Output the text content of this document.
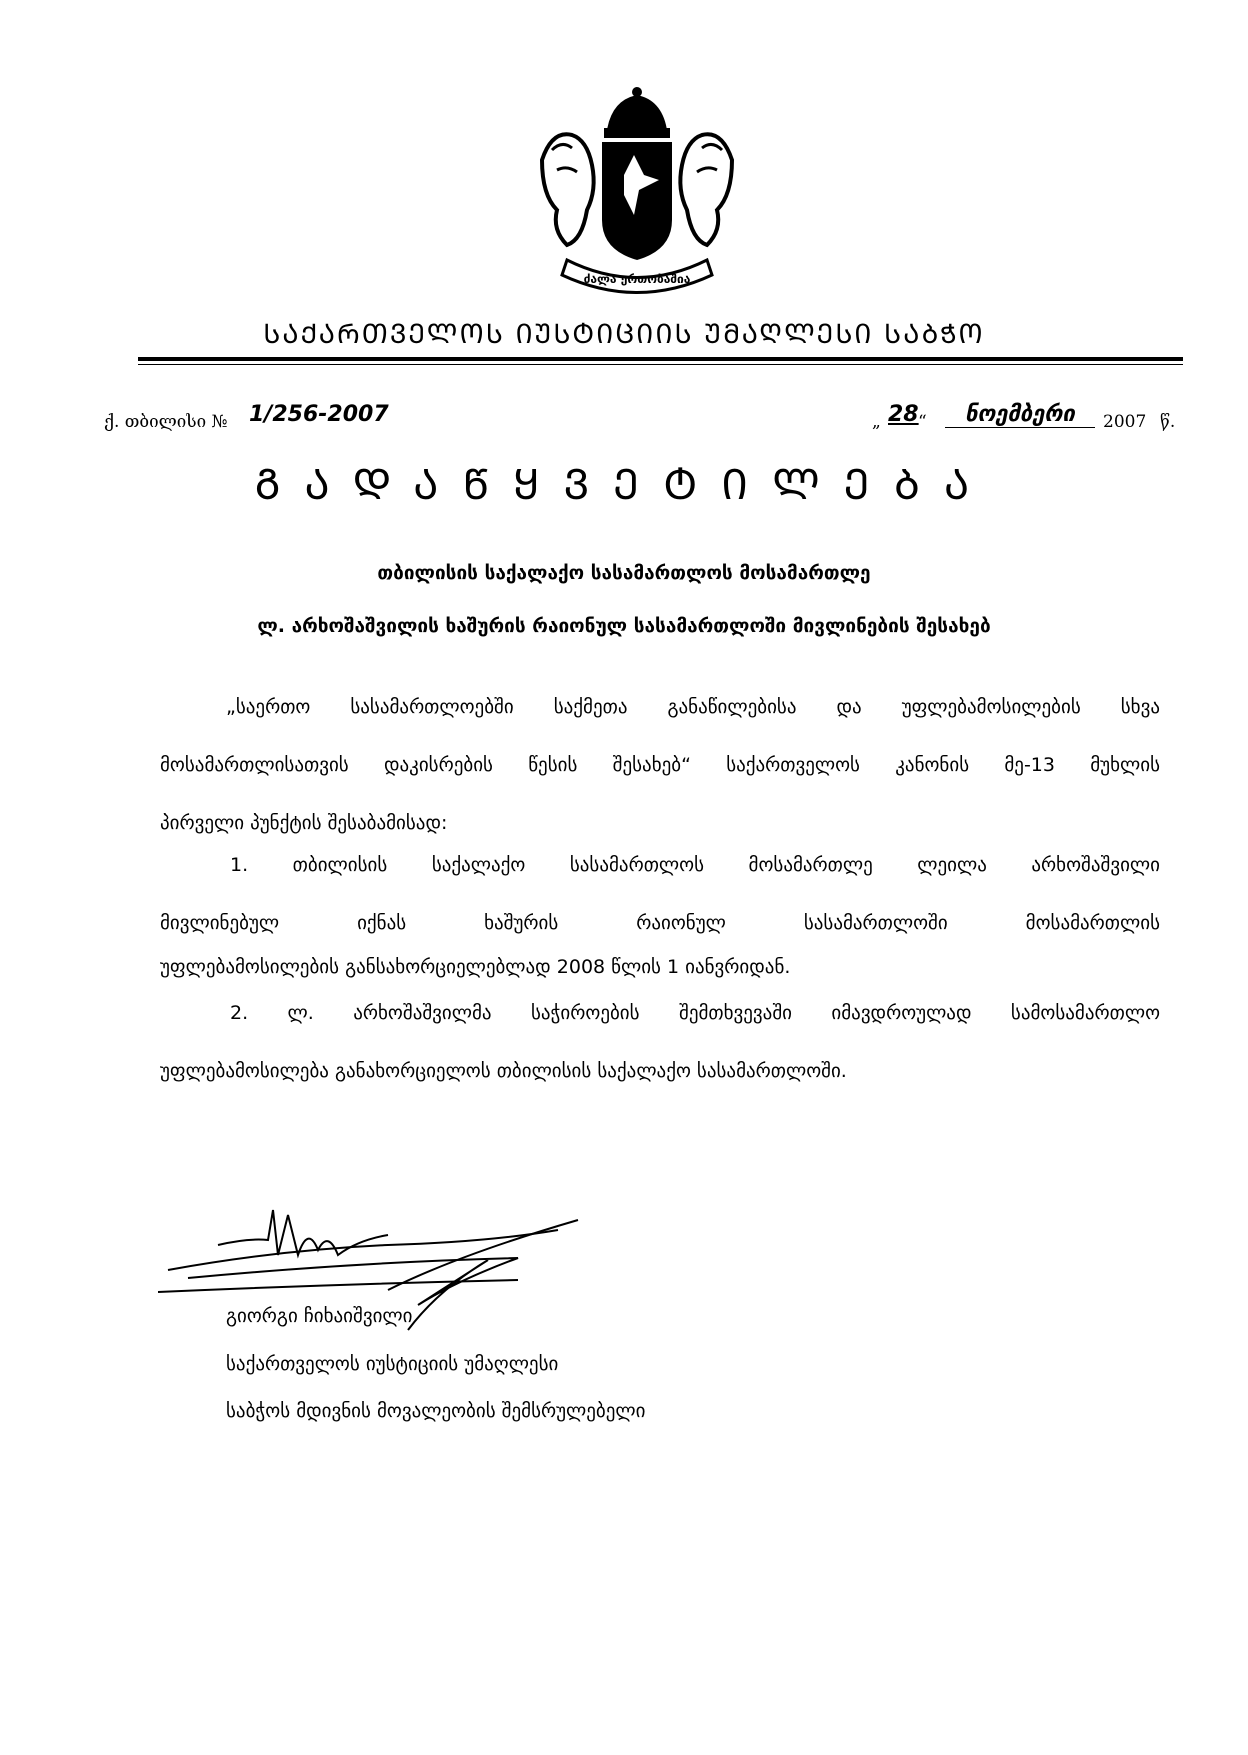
ძალა ერთობაშია
ᲡᲐᲥᲐᲠᲗᲕᲔᲚᲝᲡ ᲘᲣᲡᲢᲘᲪᲘᲘᲡ ᲣᲛᲐᲦᲚᲔᲡᲘ ᲡᲐᲑᲭᲝ
ქ. თბილისი № 1/256-2007	„ 28 “	ნოემბერი	2007 წ.
ᲒᲐᲓᲐᲬᲧᲕᲔᲢᲘᲚᲔᲑᲐ
თბილისის საქალაქო სასამართლოს მოსამართლე
ლ. არხოშაშვილის ხაშურის რაიონულ სასამართლოში მივლინების შესახებ
„საერთო სასამართლოებში საქმეთა განაწილებისა და უფლებამოსილების სხვა
მოსამართლისათვის დაკისრების წესის შესახებ“ საქართველოს კანონის მე-13 მუხლის
პირველი პუნქტის შესაბამისად:
1. თბილისის საქალაქო სასამართლოს მოსამართლე ლეილა არხოშაშვილი
მივლინებულ იქნას ხაშურის რაიონულ სასამართლოში მოსამართლის
უფლებამოსილების განსახორციელებლად 2008 წლის 1 იანვრიდან.
2. ლ. არხოშაშვილმა საჭიროების შემთხვევაში იმავდროულად სამოსამართლო
უფლებამოსილება განახორციელოს თბილისის საქალაქო სასამართლოში.
გიორგი ჩიხაიშვილი
საქართველოს იუსტიციის უმაღლესი
საბჭოს მდივნის მოვალეობის შემსრულებელი
